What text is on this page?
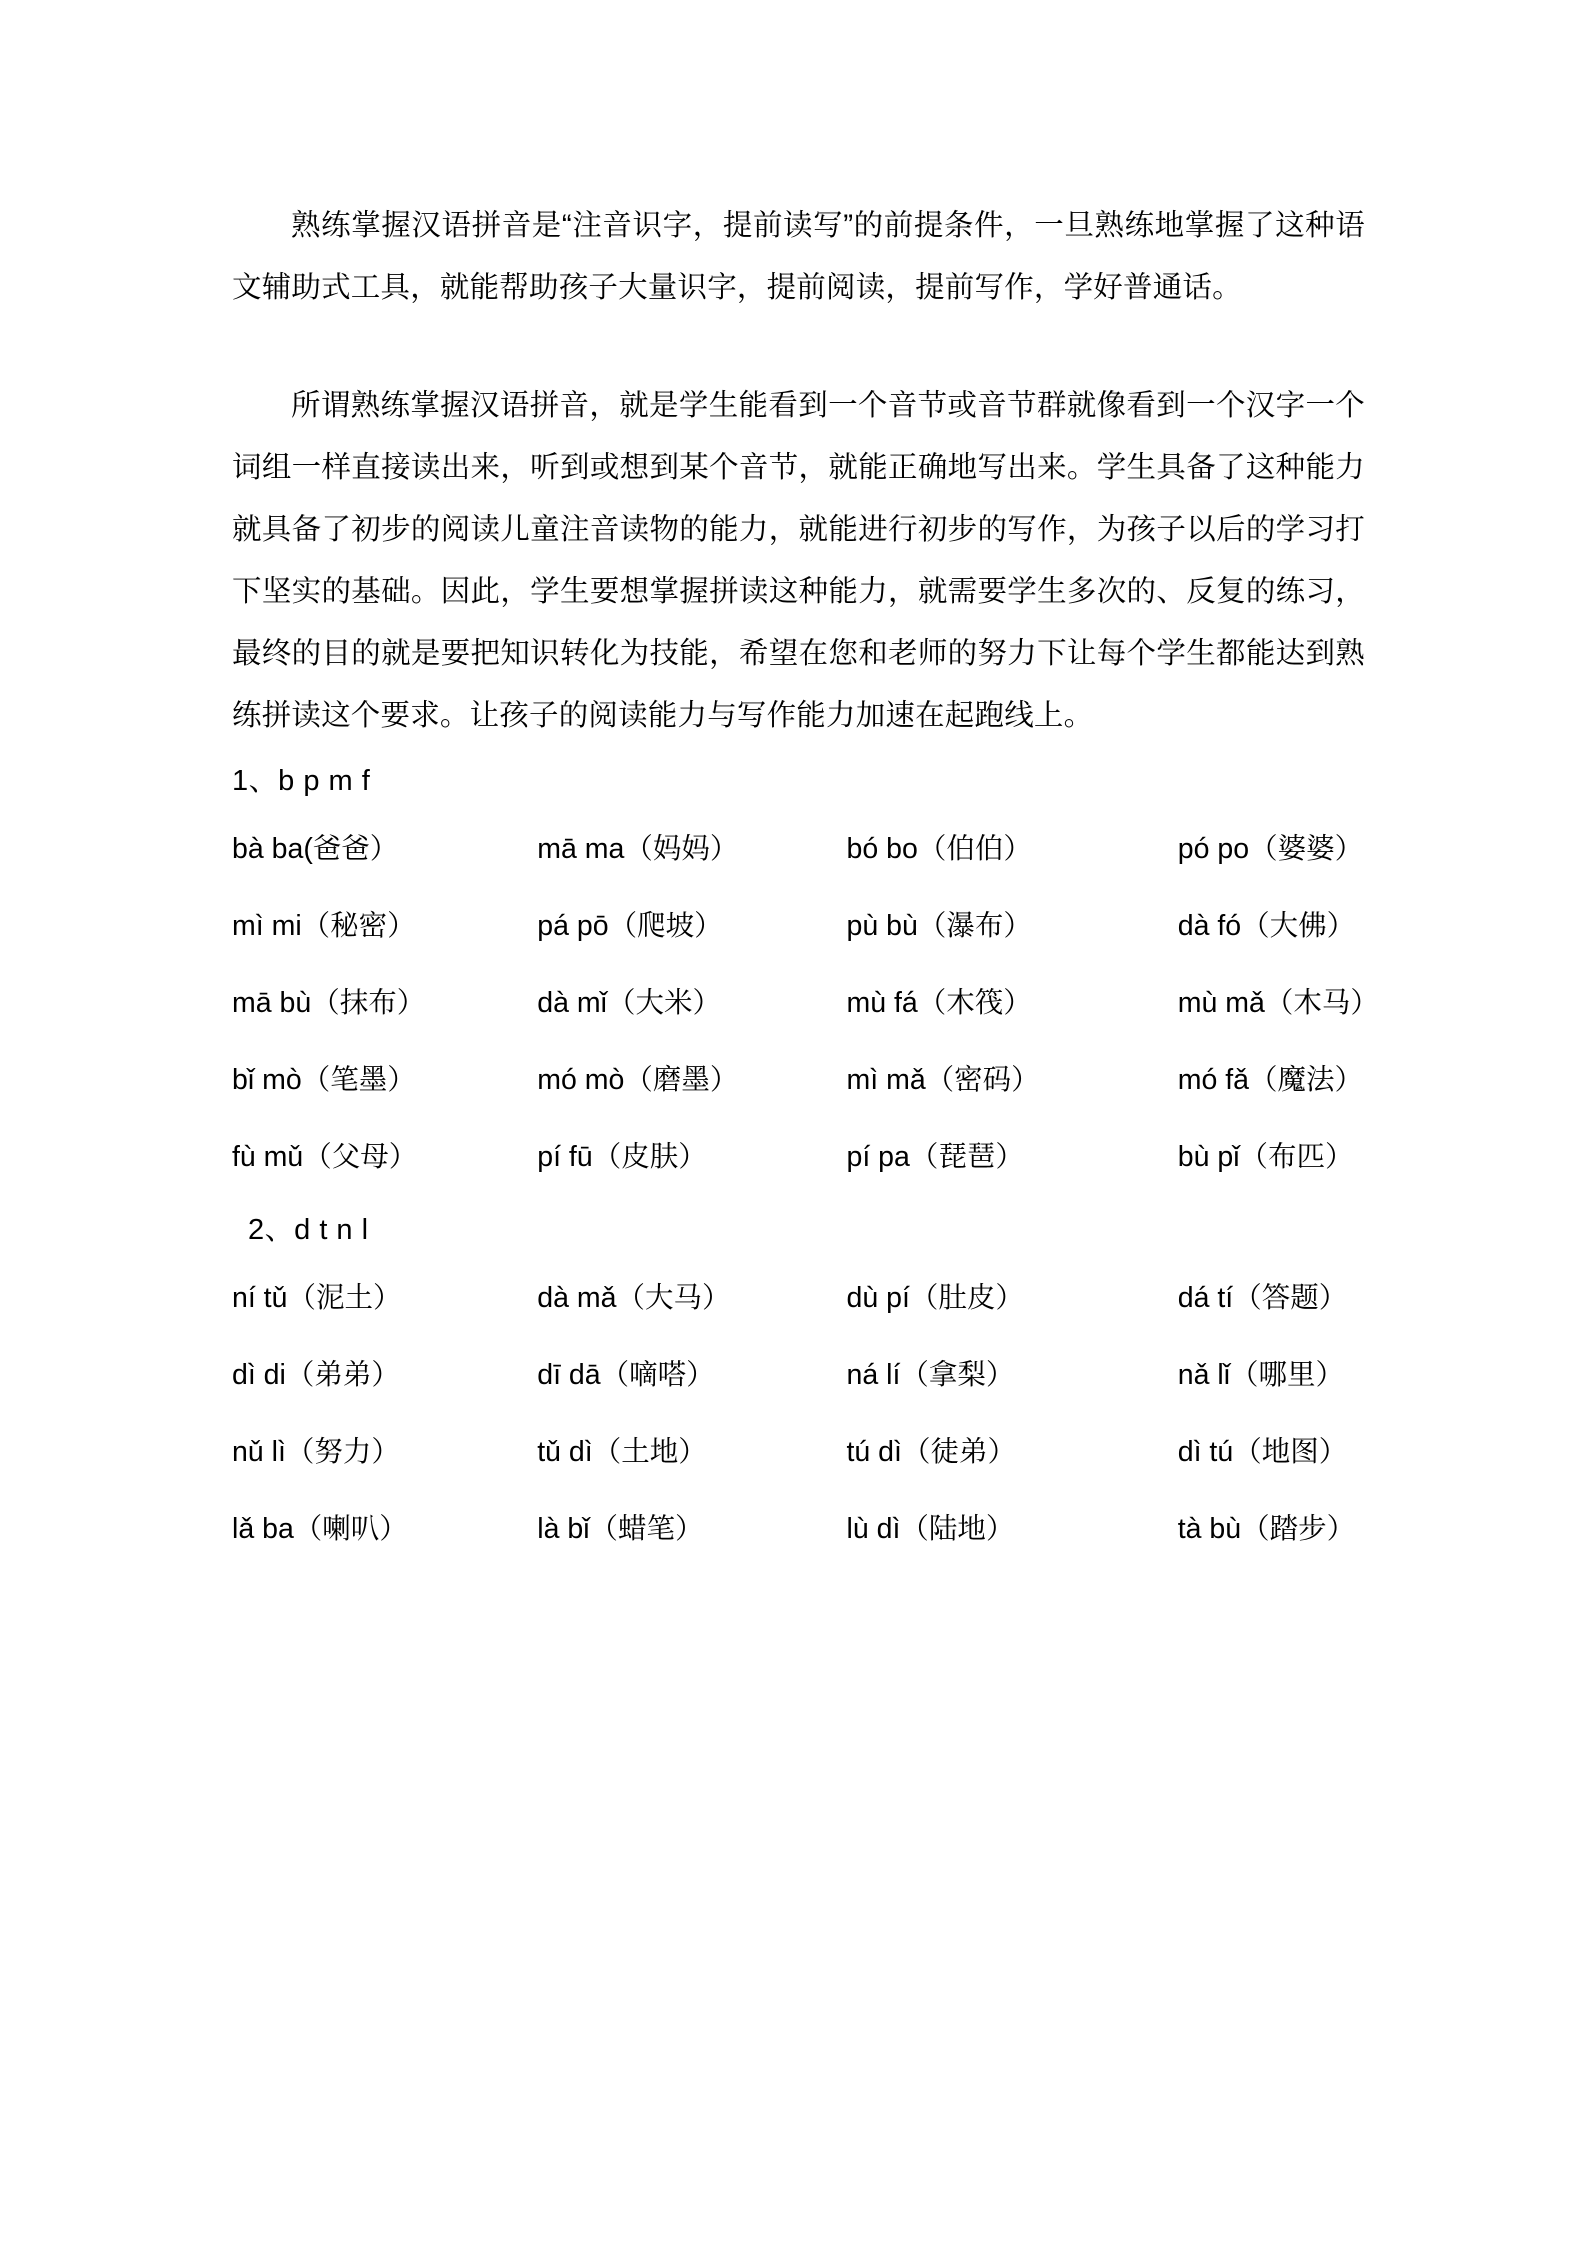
熟练掌握汉语拼音是“注音识字，提前读写”的前提条件，一旦熟练地掌握了这种语文辅助式工具，就能帮助孩子大量识字，提前阅读，提前写作，学好普通话。

所谓熟练掌握汉语拼音，就是学生能看到一个音节或音节群就像看到一个汉字一个词组一样直接读出来，听到或想到某个音节，就能正确地写出来。学生具备了这种能力就具备了初步的阅读儿童注音读物的能力，就能进行初步的写作，为孩子以后的学习打下坚实的基础。因此，学生要想掌握拼读这种能力，就需要学生多次的、反复的练习，最终的目的就是要把知识转化为技能，希望在您和老师的努力下让每个学生都能达到熟练拼读这个要求。让孩子的阅读能力与写作能力加速在起跑线上。

1、b p m f

bà ba(爸爸）	mā ma（妈妈）	bó bo（伯伯）	pó po（婆婆）
mì mi（秘密）	pá pō（爬坡）	pù bù（瀑布）	dà fó（大佛）
mā bù（抹布）	dà mǐ（大米）	mù fá（木筏）	mù mǎ（木马）
bǐ mò（笔墨）	mó mò（磨墨）	mì mǎ（密码）	mó fǎ（魔法）
fù mǔ（父母）	pí fū（皮肤）	pí pa（琵琶）	bù pǐ（布匹）

2、d t n l

ní tǔ（泥土）	dà mǎ（大马）	dù pí（肚皮）	dá tí（答题）
dì di（弟弟）	dī dā（嘀嗒）	ná lí（拿梨）	nǎ lǐ（哪里）
nǔ lì（努力）	tǔ dì（土地）	tú dì（徒弟）	dì tú（地图）
lǎ ba（喇叭）	là bǐ（蜡笔）	lù dì（陆地）	tà bù（踏步）
